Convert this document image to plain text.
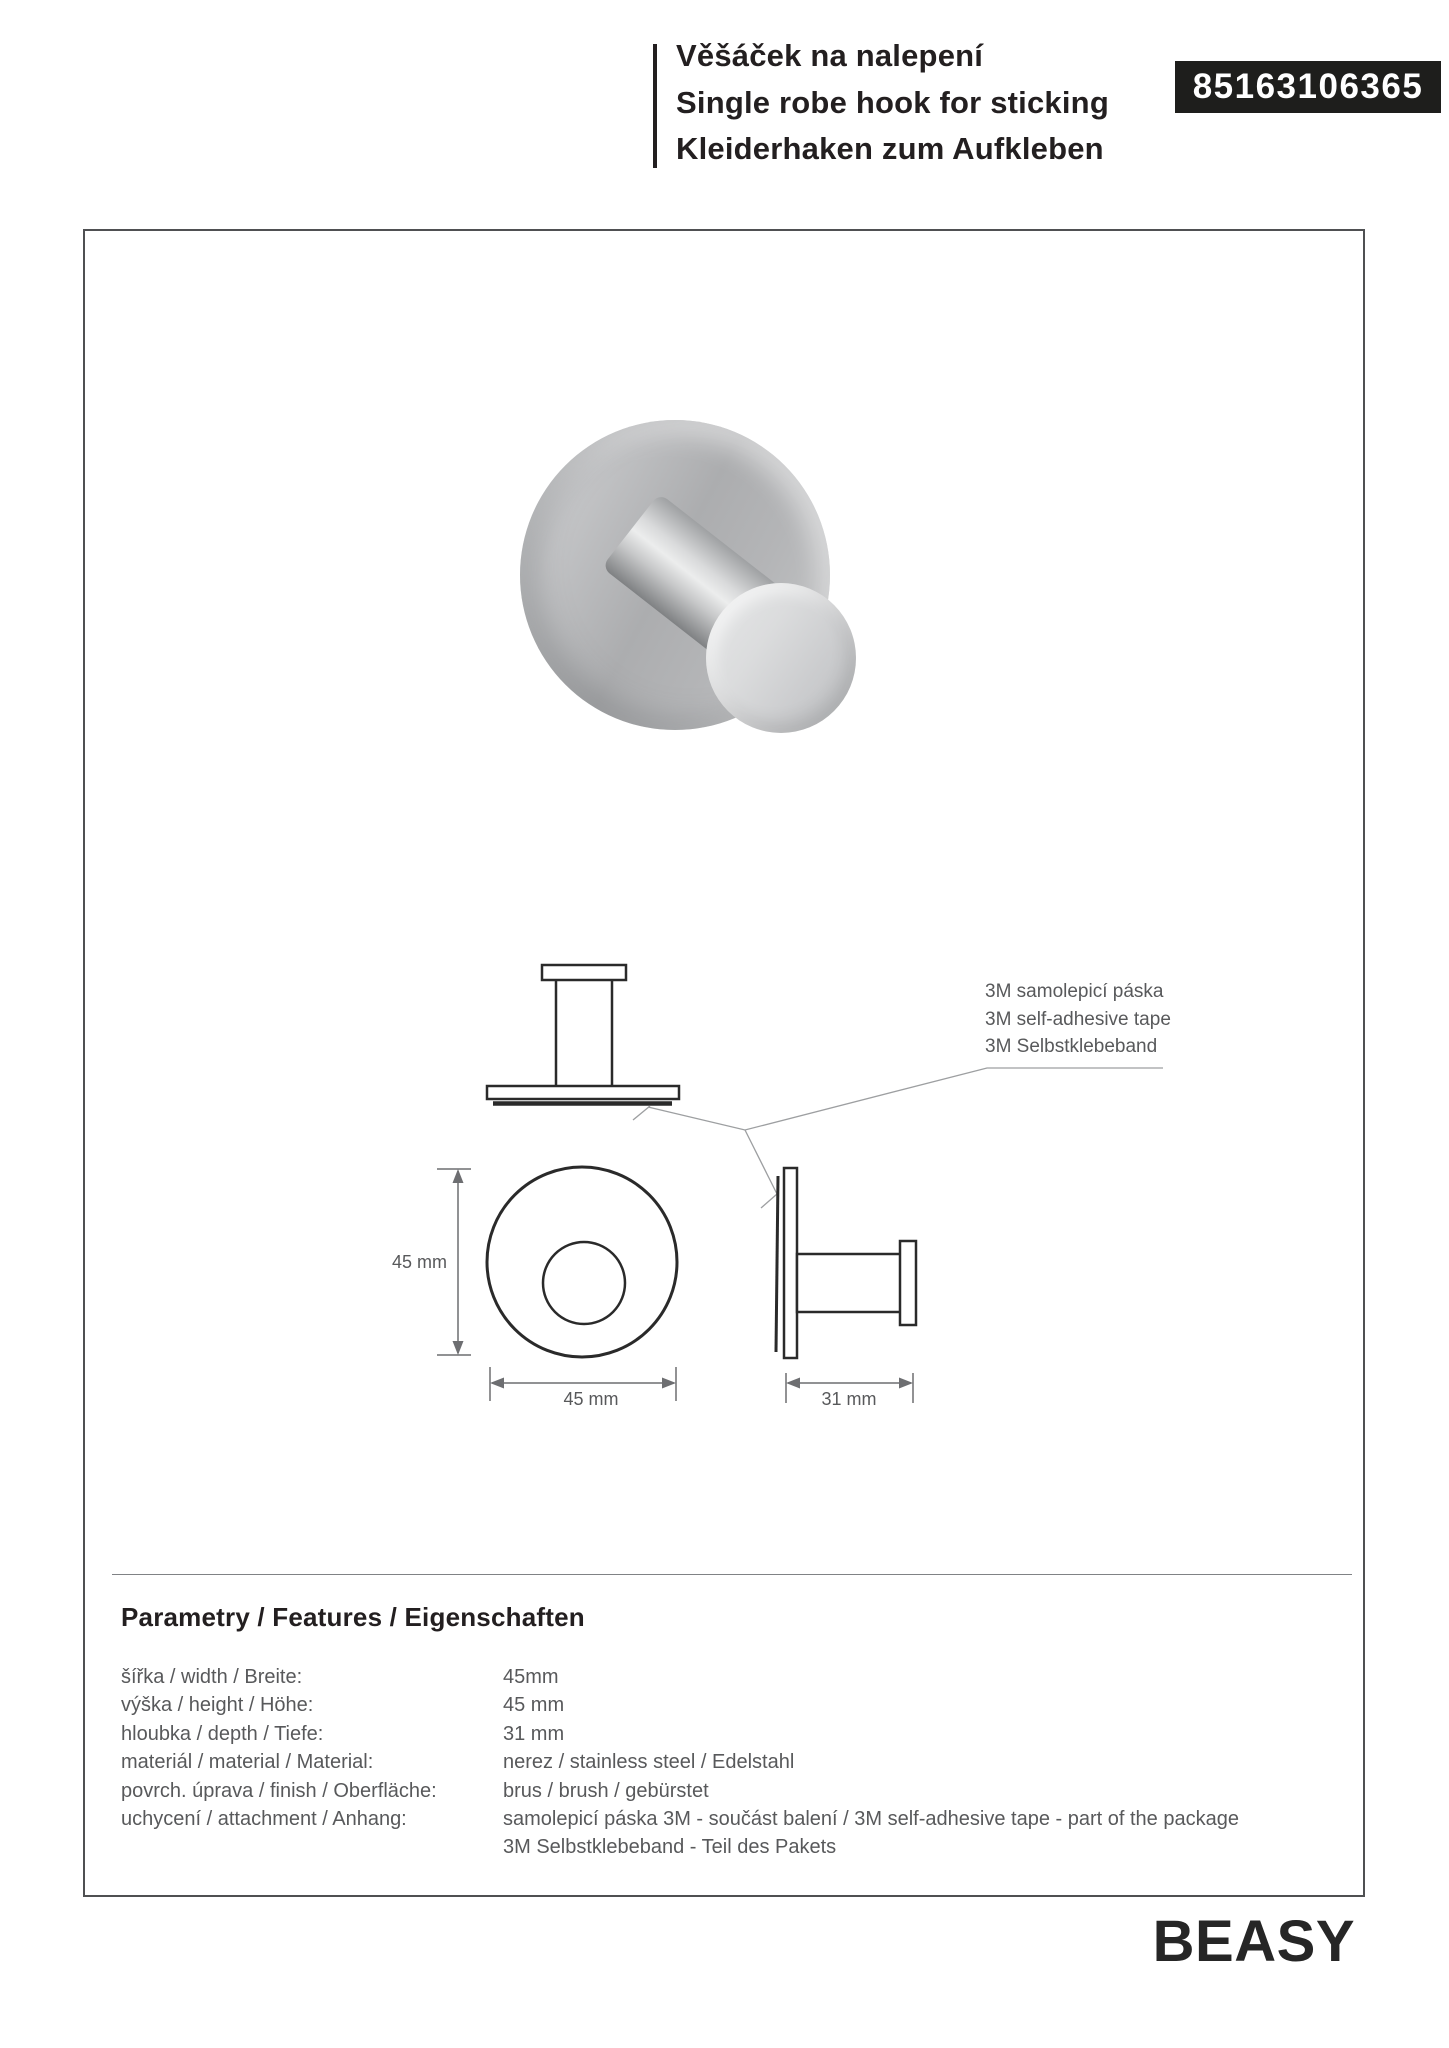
Věšáček na nalepení
Single robe hook for sticking
Kleiderhaken zum Aufkleben
85163106365
3M samolepicí páska
3M self-adhesive tape
3M Selbstklebeband
45 mm
45 mm	31 mm
Parametry / Features / Eigenschaften
šířka / width / Breite:	45mm
výška / height / Höhe:	45 mm
hloubka / depth / Tiefe:	31 mm
materiál / material / Material:	nerez / stainless steel / Edelstahl
povrch. úprava / finish / Oberfläche:	brus / brush / gebürstet
uchycení / attachment / Anhang:	samolepicí páska 3M - součást balení / 3M self-adhesive tape - part of the package
3M Selbstklebeband - Teil des Pakets
BEASY
